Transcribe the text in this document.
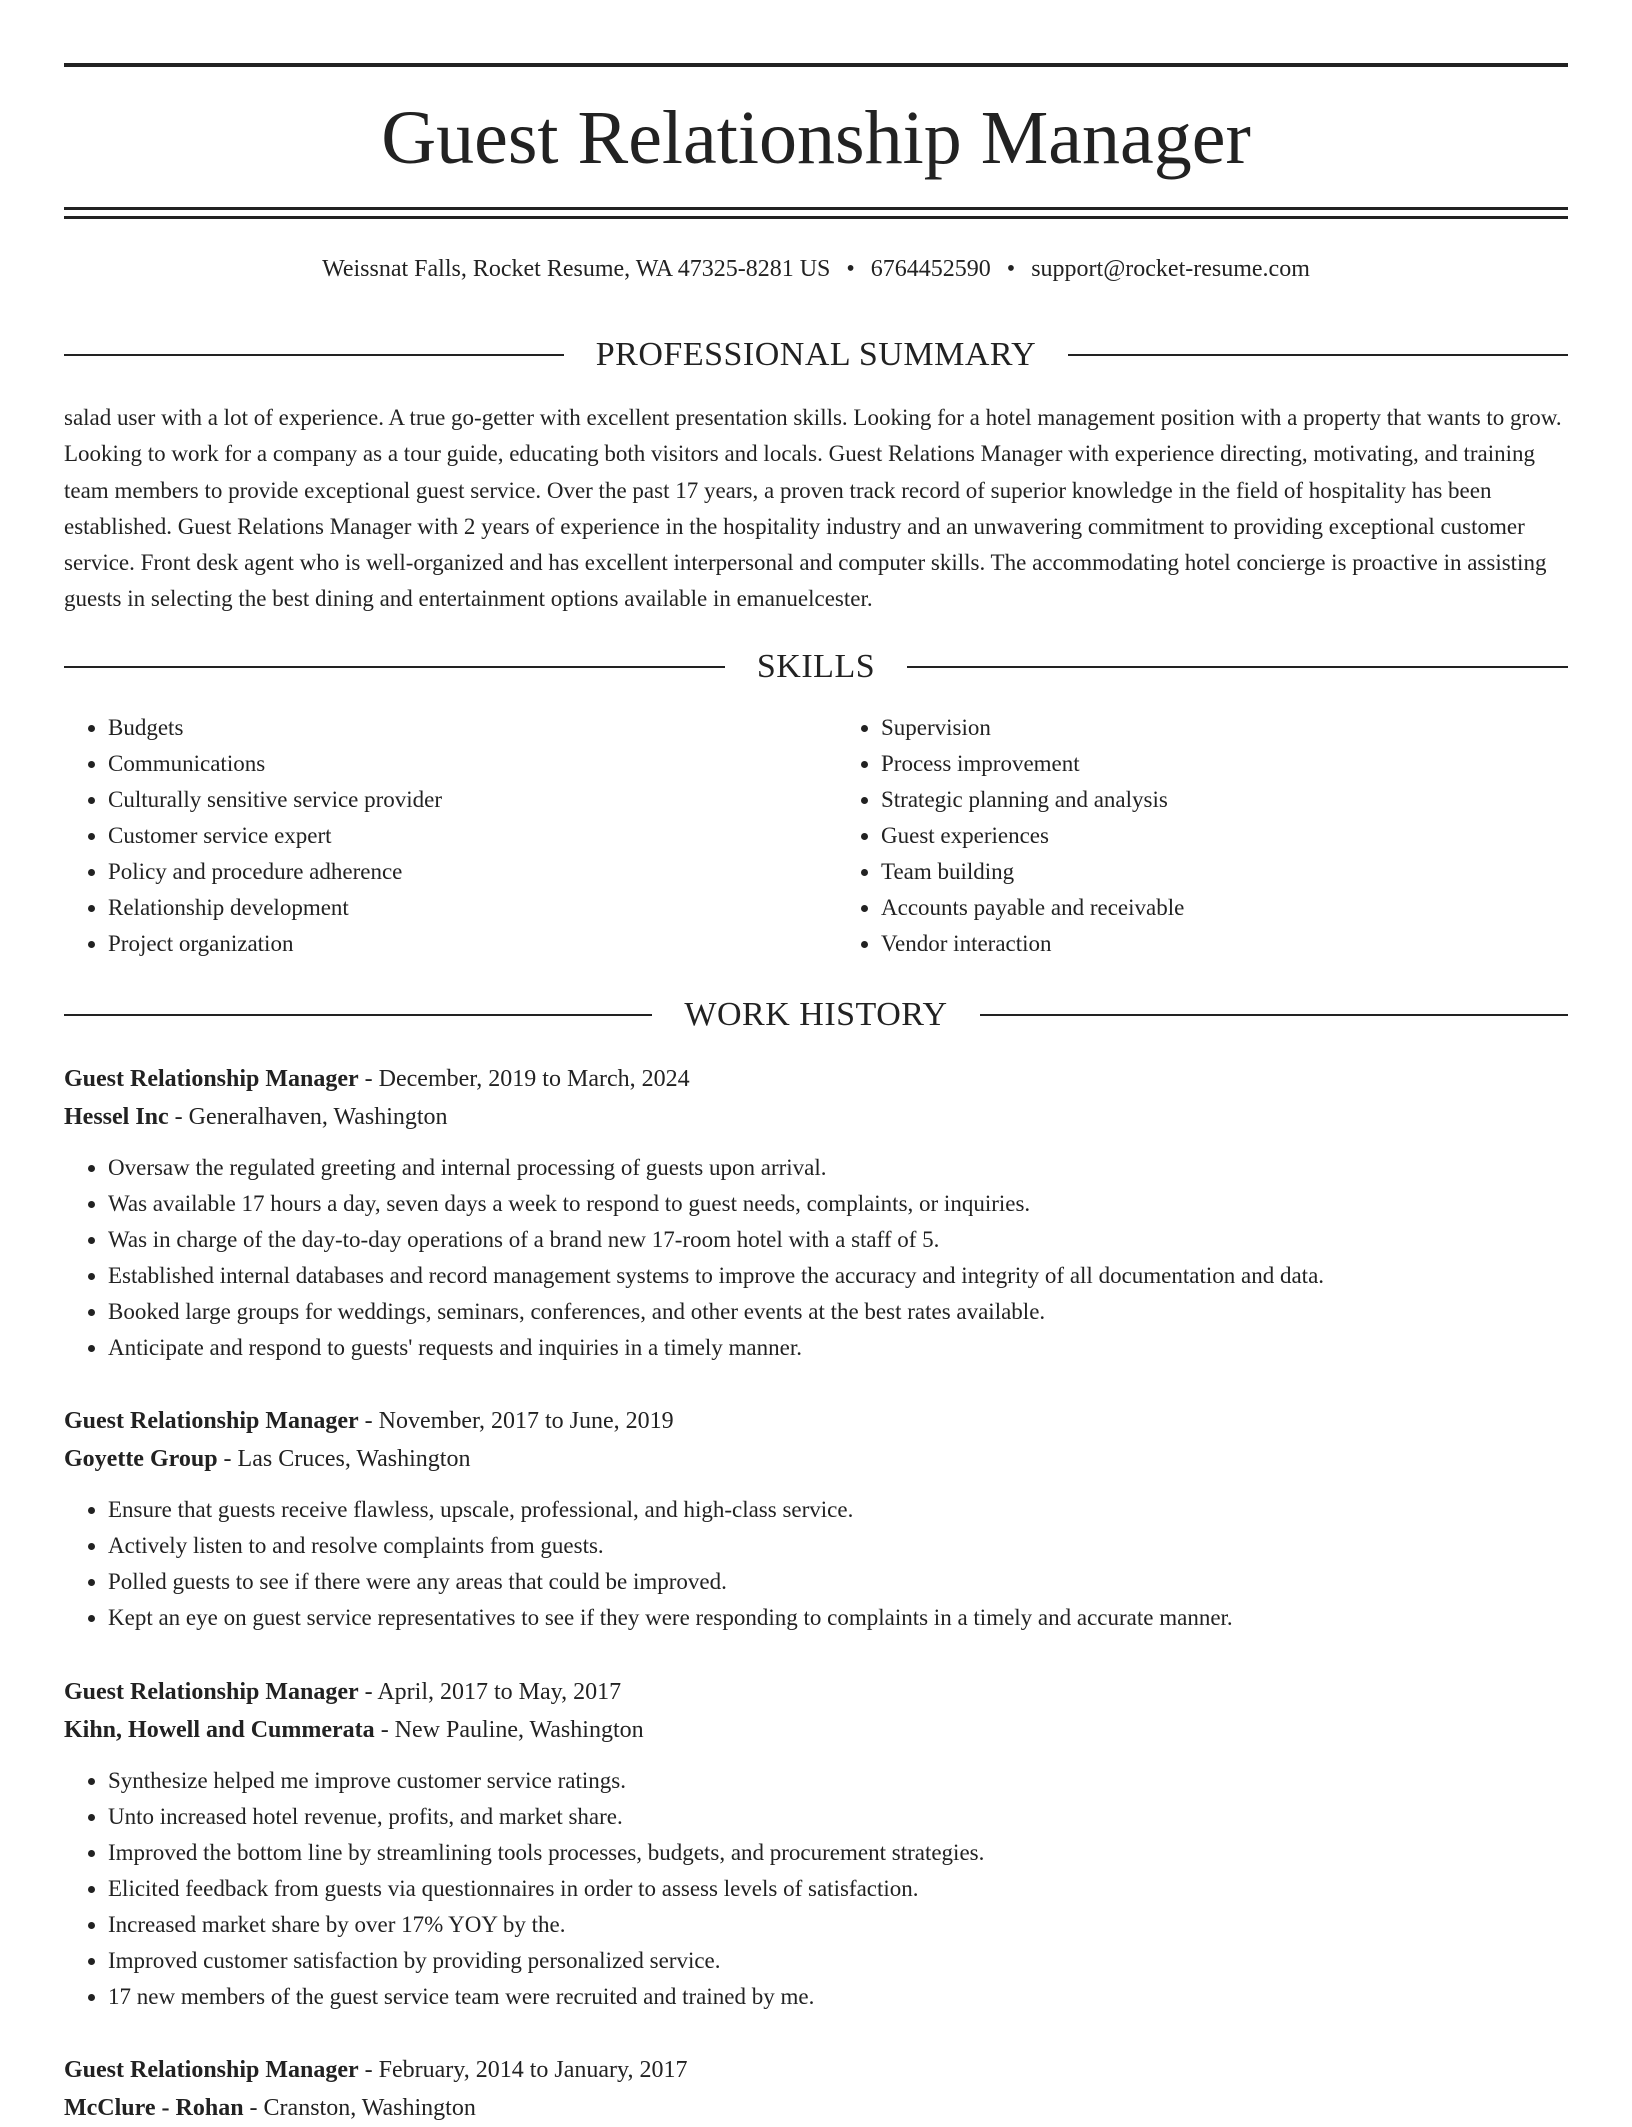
Guest Relationship Manager
Weissnat Falls, Rocket Resume, WA 47325-8281 US • 6764452590 • support@rocket-resume.com
PROFESSIONAL SUMMARY

salad user with a lot of experience. A true go-getter with excellent presentation skills. Looking for a hotel management position with a property that wants to grow. Looking to work for a company as a tour guide, educating both visitors and locals. Guest Relations Manager with experience directing, motivating, and training team members to provide exceptional guest service. Over the past 17 years, a proven track record of superior knowledge in the field of hospitality has been established. Guest Relations Manager with 2 years of experience in the hospitality industry and an unwavering commitment to providing exceptional customer service. Front desk agent who is well-organized and has excellent interpersonal and computer skills. The accommodating hotel concierge is proactive in assisting guests in selecting the best dining and entertainment options available in emanuelcester.

SKILLS
• Budgets
• Communications
• Culturally sensitive service provider
• Customer service expert
• Policy and procedure adherence
• Relationship development
• Project organization
• Supervision
• Process improvement
• Strategic planning and analysis
• Guest experiences
• Team building
• Accounts payable and receivable
• Vendor interaction
WORK HISTORY
Guest Relationship Manager - December, 2019 to March, 2024
Hessel Inc - Generalhaven, Washington
• Oversaw the regulated greeting and internal processing of guests upon arrival.
• Was available 17 hours a day, seven days a week to respond to guest needs, complaints, or inquiries.
• Was in charge of the day-to-day operations of a brand new 17-room hotel with a staff of 5.
• Established internal databases and record management systems to improve the accuracy and integrity of all documentation and data.
• Booked large groups for weddings, seminars, conferences, and other events at the best rates available.
• Anticipate and respond to guests' requests and inquiries in a timely manner.
Guest Relationship Manager - November, 2017 to June, 2019
Goyette Group - Las Cruces, Washington
• Ensure that guests receive flawless, upscale, professional, and high-class service.
• Actively listen to and resolve complaints from guests.
• Polled guests to see if there were any areas that could be improved.
• Kept an eye on guest service representatives to see if they were responding to complaints in a timely and accurate manner.
Guest Relationship Manager - April, 2017 to May, 2017
Kihn, Howell and Cummerata - New Pauline, Washington
• Synthesize helped me improve customer service ratings.
• Unto increased hotel revenue, profits, and market share.
• Improved the bottom line by streamlining tools processes, budgets, and procurement strategies.
• Elicited feedback from guests via questionnaires in order to assess levels of satisfaction.
• Increased market share by over 17% YOY by the.
• Improved customer satisfaction by providing personalized service.
• 17 new members of the guest service team were recruited and trained by me.
Guest Relationship Manager - February, 2014 to January, 2017
McClure - Rohan - Cranston, Washington
